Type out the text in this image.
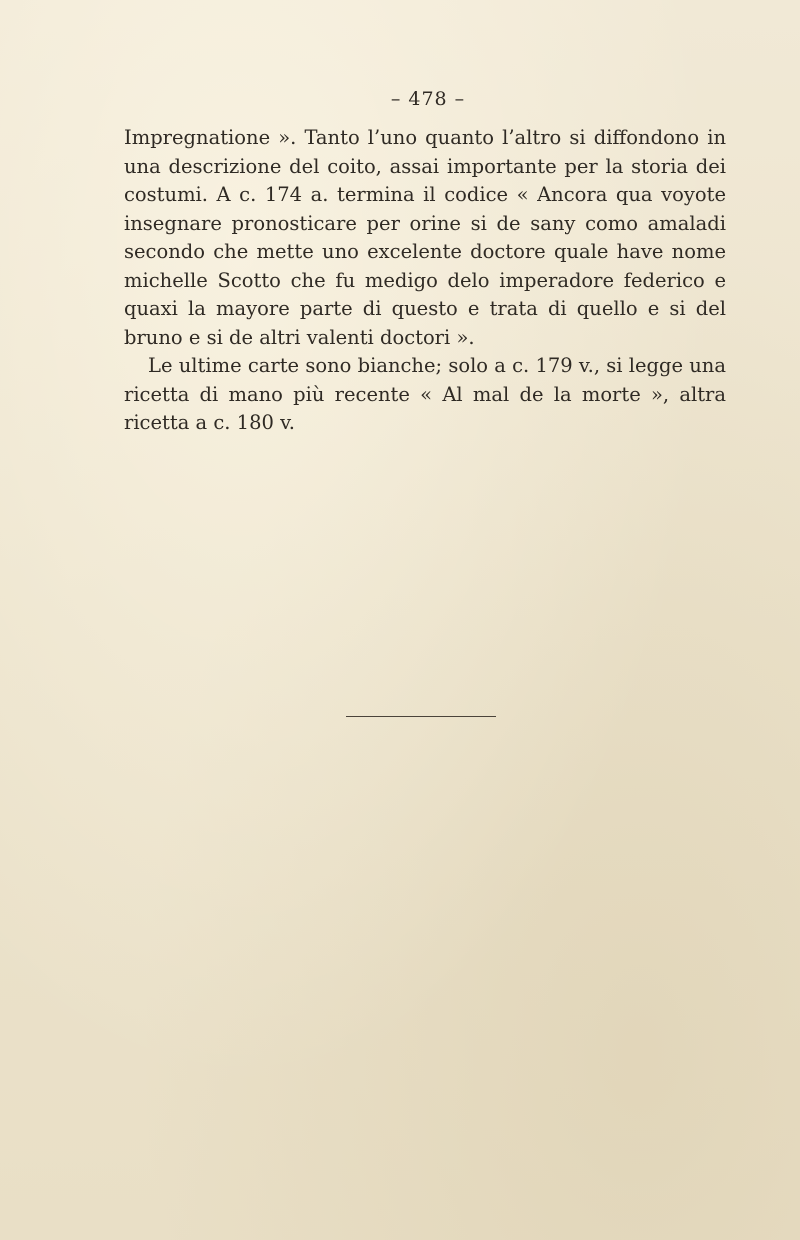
– 478 –

Impregnatione ». Tanto l’uno quanto l’altro si diffondono in una descrizione del coito, assai importante per la storia dei costumi. A c. 174 a. termina il codice « Ancora qua voyote insegnare pronosticare per orine si de sany como amaladi secondo che mette uno excelente doctore quale have nome michelle Scotto che fu medigo delo imperadore federico e quaxi la mayore parte di questo e trata di quello e si del bruno e si de altri valenti doctori ».

Le ultime carte sono bianche; solo a c. 179 v., si legge una ricetta di mano più recente « Al mal de la morte », altra ricetta a c. 180 v.
